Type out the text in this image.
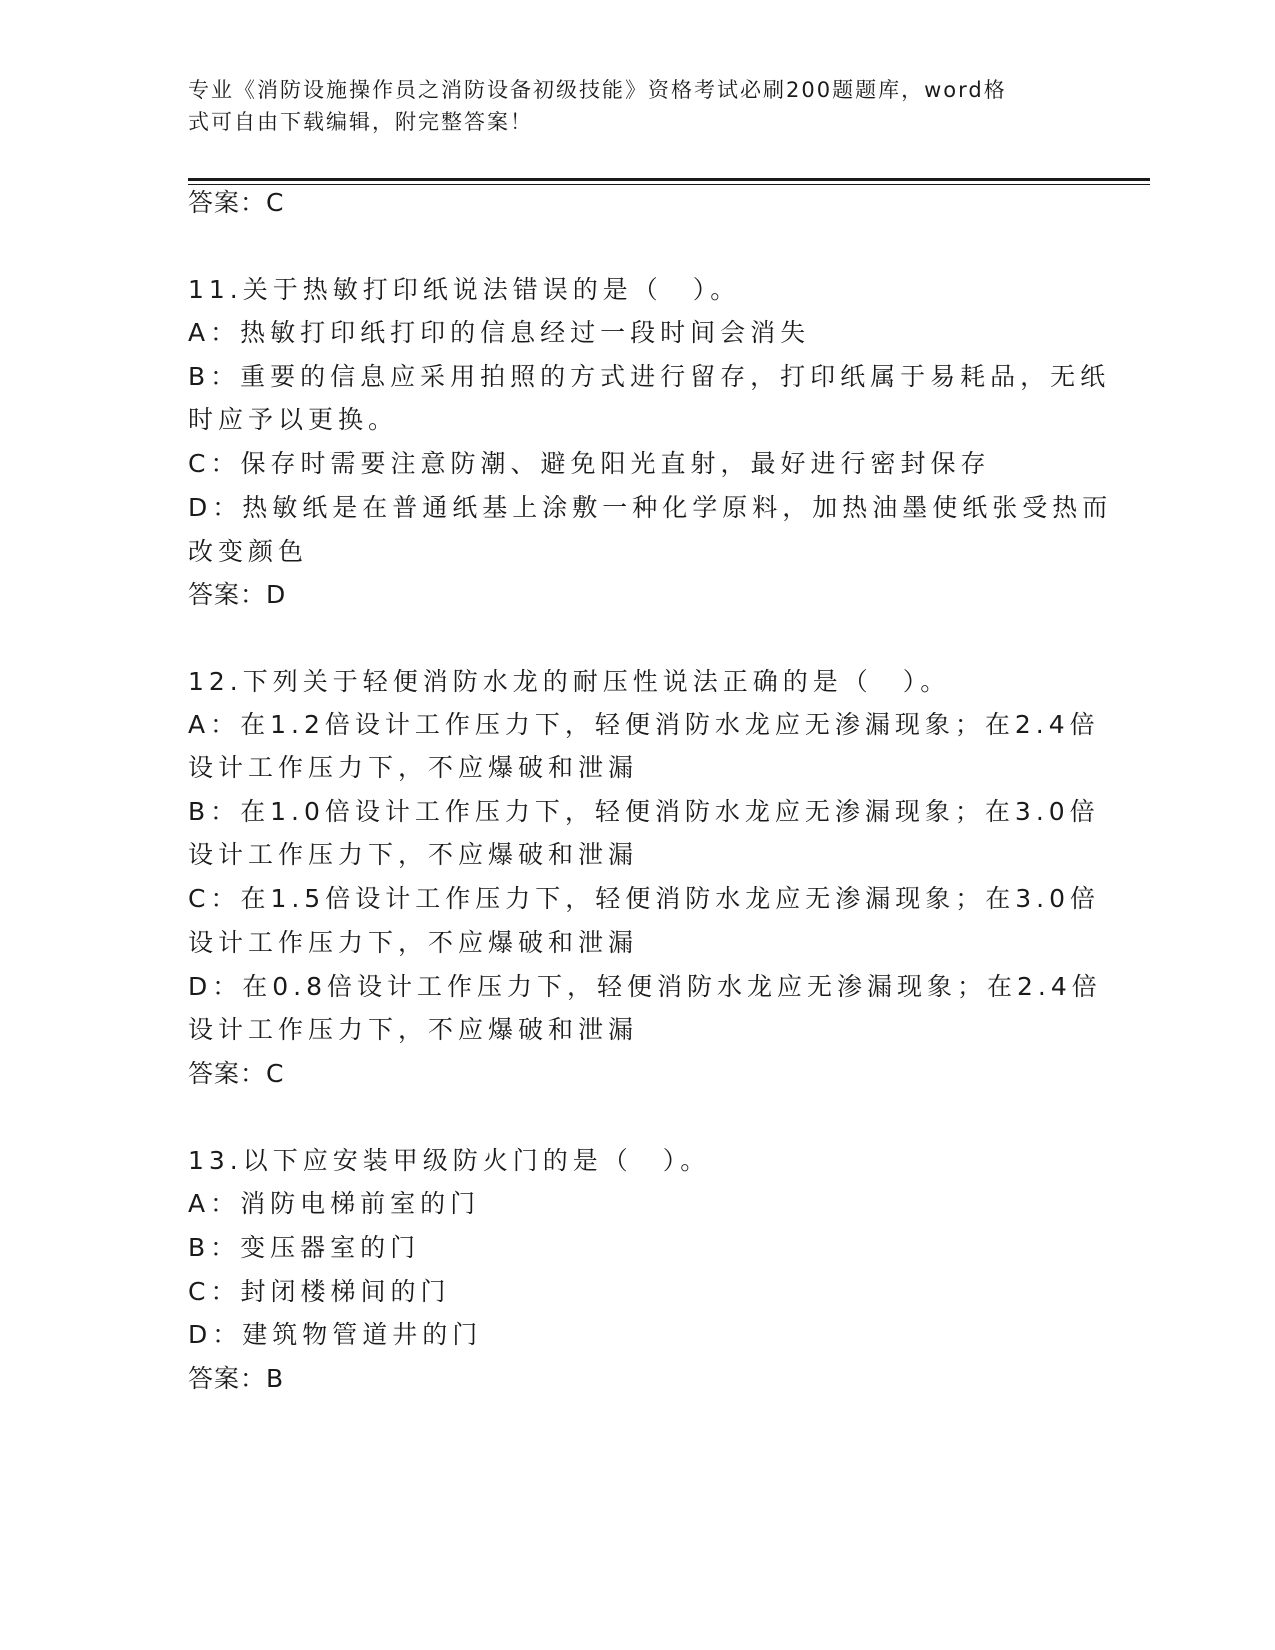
专业《消防设施操作员之消防设备初级技能》资格考试必刷200题题库，word格
式可自由下载编辑，附完整答案！
答案：C
11.关于热敏打印纸说法错误的是（　）。
A：热敏打印纸打印的信息经过一段时间会消失
B：重要的信息应采用拍照的方式进行留存，打印纸属于易耗品，无纸
时应予以更换。
C：保存时需要注意防潮、避免阳光直射，最好进行密封保存
D：热敏纸是在普通纸基上涂敷一种化学原料，加热油墨使纸张受热而
改变颜色
答案：D
12.下列关于轻便消防水龙的耐压性说法正确的是（　）。
A：在1.2倍设计工作压力下，轻便消防水龙应无渗漏现象；在2.4倍
设计工作压力下，不应爆破和泄漏
B：在1.0倍设计工作压力下，轻便消防水龙应无渗漏现象；在3.0倍
设计工作压力下，不应爆破和泄漏
C：在1.5倍设计工作压力下，轻便消防水龙应无渗漏现象；在3.0倍
设计工作压力下，不应爆破和泄漏
D：在0.8倍设计工作压力下，轻便消防水龙应无渗漏现象；在2.4倍
设计工作压力下，不应爆破和泄漏
答案：C
13.以下应安装甲级防火门的是（　）。
A：消防电梯前室的门
B：变压器室的门
C：封闭楼梯间的门
D：建筑物管道井的门
答案：B
